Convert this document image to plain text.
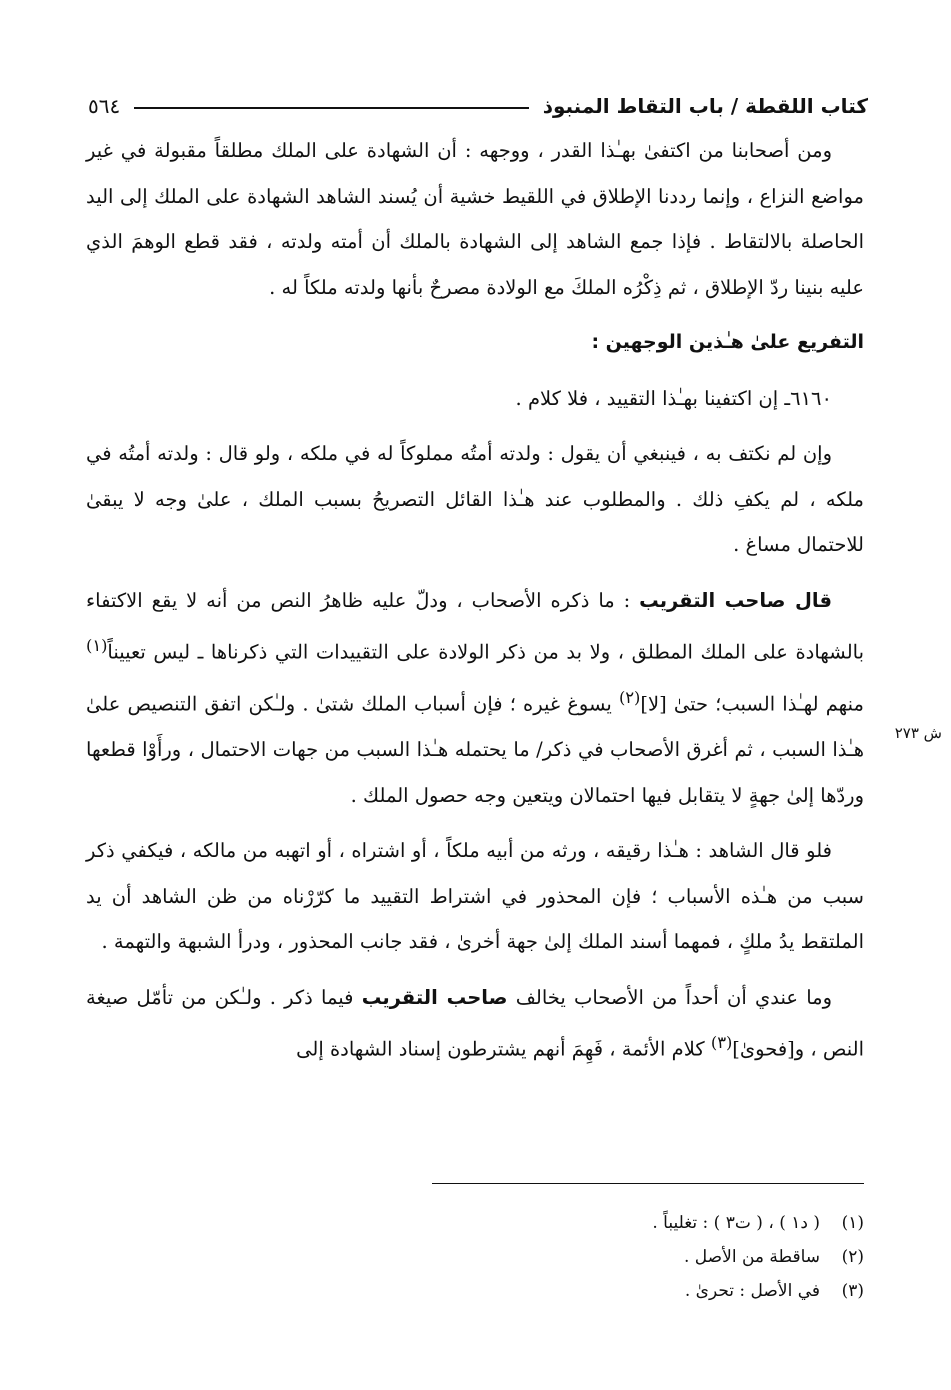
كتاب اللقطة / باب التقاط المنبوذ
٥٦٤
ش ٢٧٣

ومن أصحابنا من اكتفىٰ بهـٰذا القدر ، ووجهه : أن الشهادة على الملك مطلقاً مقبولة في غير مواضع النزاع ، وإنما رددنا الإطلاق في اللقيط خشية أن يُسند الشاهد الشهادة على الملك إلى اليد الحاصلة بالالتقاط . فإذا جمع الشاهد إلى الشهادة بالملك أن أمته ولدته ، فقد قطع الوهمَ الذي عليه بنينا ردّ الإطلاق ، ثم ذِكْرُه الملكَ مع الولادة مصرحٌ بأنها ولدته ملكاً له .

التفريع علىٰ هـٰذين الوجهين :

٦١٦٠ـ إن اكتفينا بهـٰذا التقييد ، فلا كلام .

وإن لم نكتف به ، فينبغي أن يقول : ولدته أمتُه مملوكاً له في ملكه ، ولو قال : ولدته أمتُه في ملكه ، لم يكفِ ذلك . والمطلوب عند هـٰذا القائل التصريحُ بسبب الملك ، علىٰ وجه لا يبقىٰ للاحتمال مساغ .

قال صاحب التقريب : ما ذكره الأصحاب ، ودلّ عليه ظاهرُ النص من أنه لا يقع الاكتفاء بالشهادة على الملك المطلق ، ولا بد من ذكر الولادة على التقييدات التي ذكرناها ـ ليس تعييناً$^{(١)}$ منهم لهـٰذا السبب؛ حتىٰ [لا]$^{(٢)}$ يسوغ غيره ؛ فإن أسباب الملك شتىٰ . ولـٰكن اتفق التنصيص علىٰ هـٰذا السبب ، ثم أغرق الأصحاب في ذكر/ ما يحتمله هـٰذا السبب من جهات الاحتمال ، ورأَوْا قطعها وردّها إلىٰ جهةٍ لا يتقابل فيها احتمالان ويتعين وجه حصول الملك .

فلو قال الشاهد : هـٰذا رقيقه ، ورثه من أبيه ملكاً ، أو اشتراه ، أو اتهبه من مالكه ، فيكفي ذكر سبب من هـٰذه الأسباب ؛ فإن المحذور في اشتراط التقييد ما كرّرْناه من ظن الشاهد أن يد الملتقط يدُ ملكٍ ، فمهما أسند الملك إلىٰ جهة أخرىٰ ، فقد جانب المحذور ، ودرأ الشبهة والتهمة .

وما عندي أن أحداً من الأصحاب يخالف صاحب التقريب فيما ذكر . ولـٰكن من تأمّل صيغة النص ، و[فحوىٰ]$^{(٣)}$ كلام الأئمة ، فَهِمَ أنهم يشترطون إسناد الشهادة إلى

(١)
( د١ ) ، ( ت٣ ) : تغليباً .
(٢)
ساقطة من الأصل .
(٣)
في الأصل : تحرىٰ .
